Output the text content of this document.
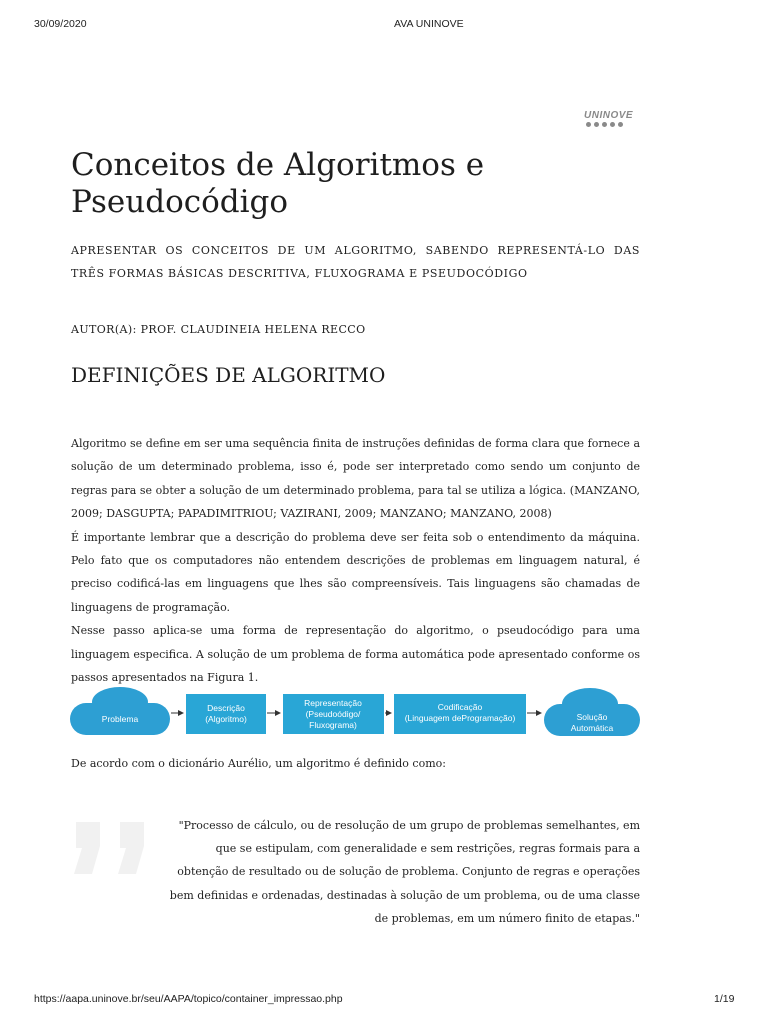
30/09/2020	AVA UNINOVE
UNINOVE
Conceitos de Algoritmos e Pseudocódigo

APRESENTAR OS CONCEITOS DE UM ALGORITMO, SABENDO REPRESENTÁ-LO DAS TRÊS FORMAS BÁSICAS DESCRITIVA, FLUXOGRAMA E PSEUDOCÓDIGO

AUTOR(A): PROF. CLAUDINEIA HELENA RECCO
DEFINIÇÕES DE ALGORITMO

Algoritmo se define em ser uma sequência finita de instruções definidas de forma clara que fornece a solução de um determinado problema, isso é, pode ser interpretado como sendo um conjunto de regras para se obter a solução de um determinado problema, para tal se utiliza a lógica. (MANZANO, 2009; DASGUPTA; PAPADIMITRIOU; VAZIRANI, 2009; MANZANO; MANZANO, 2008)

É importante lembrar que a descrição do problema deve ser feita sob o entendimento da máquina. Pelo fato que os computadores não entendem descrições de problemas em linguagem natural, é preciso codificá-las em linguagens que lhes são compreensíveis. Tais linguagens são chamadas de linguagens de programação.

Nesse passo aplica-se uma forma de representação do algoritmo, o pseudocódigo para uma linguagem especifica. A solução de um problema de forma automática pode apresentado conforme os passos apresentados na Figura 1.

Problema
Descrição
(Algoritmo)
Representação
(Pseudoódigo/
Fluxograma)
Codificação
(Linguagem deProgramação)	Solução
Automática
De acordo com o dicionário Aurélio, um algoritmo é definido como:

"Processo de cálculo, ou de resolução de um grupo de problemas semelhantes, em que se estipulam, com generalidade e sem restrições, regras formais para a obtenção de resultado ou de solução de problema. Conjunto de regras e operações bem definidas e ordenadas, destinadas à solução de um problema, ou de uma classe de problemas, em um número finito de etapas."

https://aapa.uninove.br/seu/AAPA/topico/container_impressao.php	1/19
